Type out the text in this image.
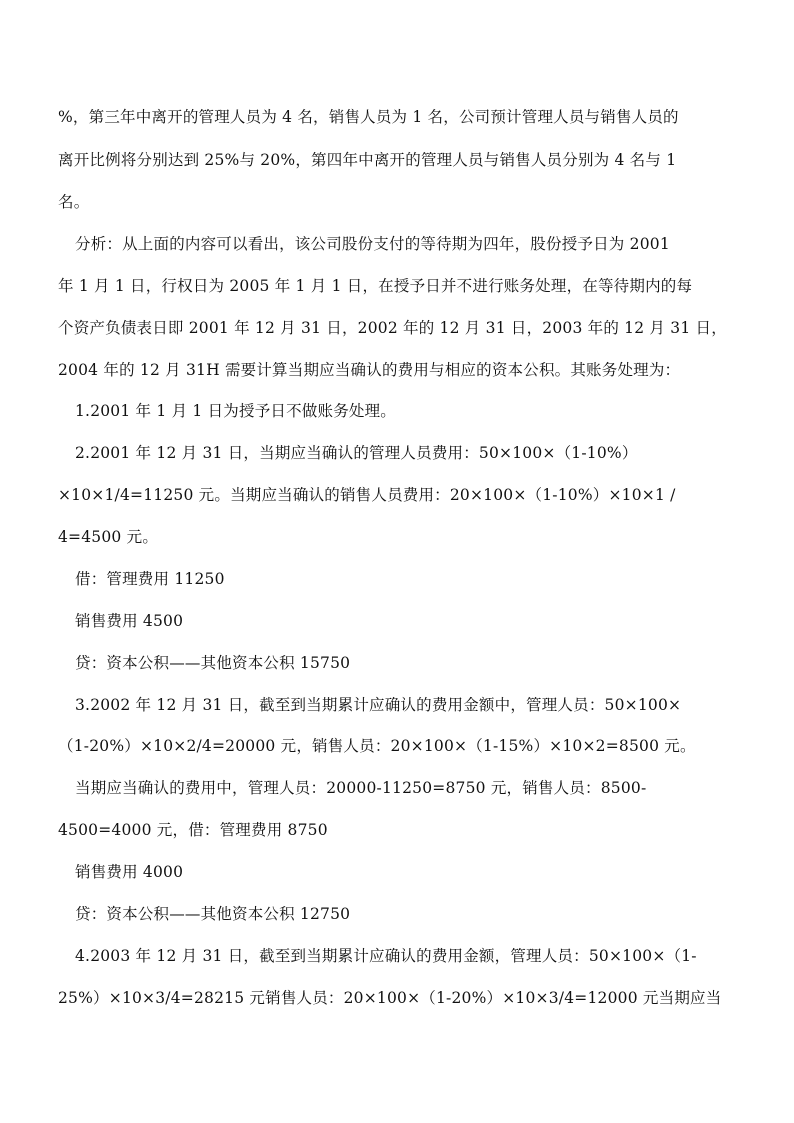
%，第三年中离开的管理人员为 4 名，销售人员为 1 名，公司预计管理人员与销售人员的
离开比例将分别达到 25%与 20%，第四年中离开的管理人员与销售人员分别为 4 名与 1
名。
分析：从上面的内容可以看出，该公司股份支付的等待期为四年，股份授予日为 2001
年 1 月 1 日，行权日为 2005 年 1 月 1 日，在授予日并不进行账务处理，在等待期内的每
个资产负债表日即 2001 年 12 月 31 日，2002 年的 12 月 31 日，2003 年的 12 月 31 日，
2004 年的 12 月 31H 需要计算当期应当确认的费用与相应的资本公积。其账务处理为：
1.2001 年 1 月 1 日为授予日不做账务处理。
2.2001 年 12 月 31 日，当期应当确认的管理人员费用：50×100×（1-10%）
×10×1/4=11250 元。当期应当确认的销售人员费用：20×100×（1-10%）×10×1 /
4=4500 元。
借：管理费用 11250
销售费用 4500
贷：资本公积——其他资本公积 15750
3.2002 年 12 月 31 日，截至到当期累计应确认的费用金额中，管理人员：50×100×
（1-20%）×10×2/4=20000 元，销售人员：20×100×（1-15%）×10×2=8500 元。
当期应当确认的费用中，管理人员：20000-11250=8750 元，销售人员：8500-
4500=4000 元，借：管理费用 8750
销售费用 4000
贷：资本公积——其他资本公积 12750
4.2003 年 12 月 31 日，截至到当期累计应确认的费用金额，管理人员：50×100×（1-
25%）×10×3/4=28215 元销售人员：20×100×（1-20%）×10×3/4=12000 元当期应当
